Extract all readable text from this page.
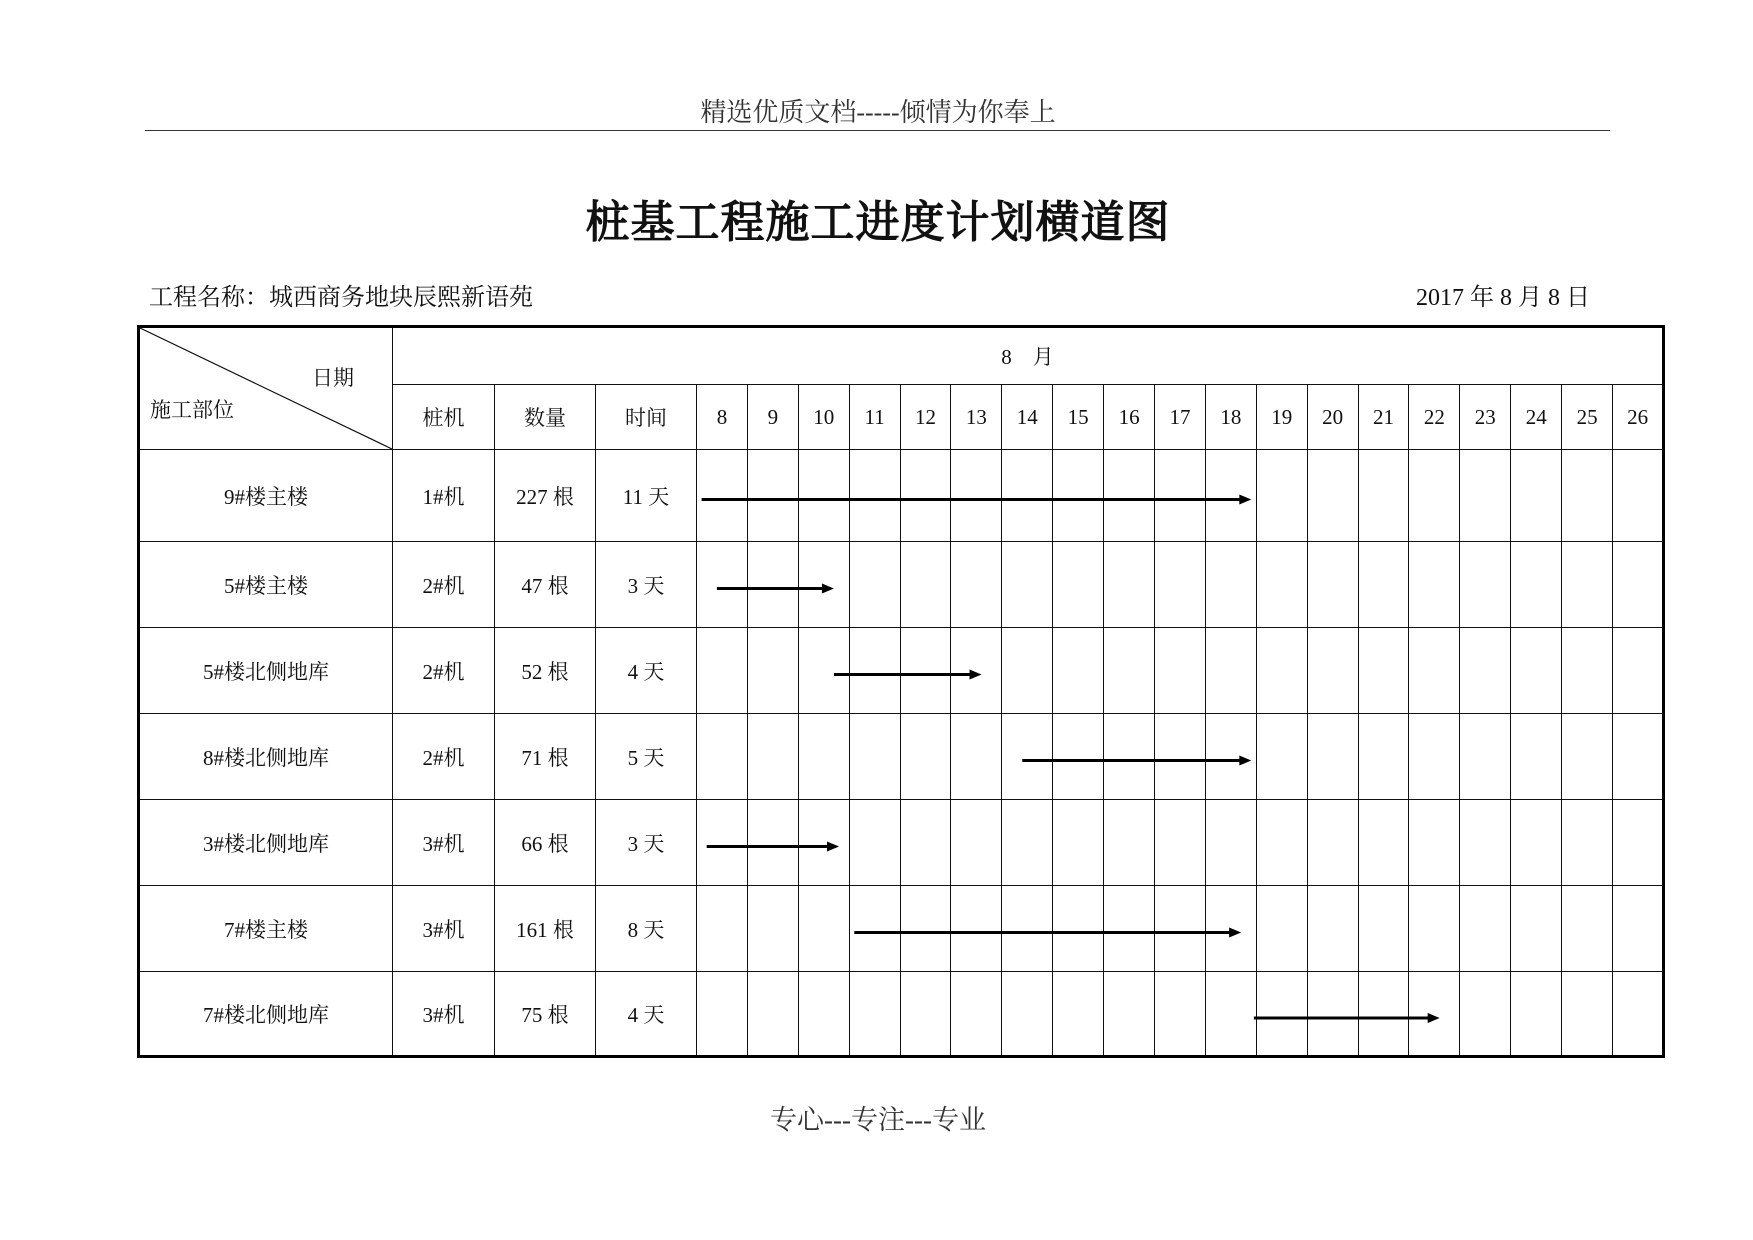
精选优质文档-----倾情为你奉上
桩基工程施工进度计划横道图
工程名称：城西商务地块辰熙新语苑	2017 年 8 月 8 日
日期
施工部位	8　月																					
	桩机	数量	时间	8	9	10	11	12	13	14	15	16	17	18	19	20	21	22	23	24	25	26
9#楼主楼	1#机	227 根	11 天																			
5#楼主楼	2#机	47 根	3 天																			
5#楼北侧地库	2#机	52 根	4 天																			
8#楼北侧地库	2#机	71 根	5 天																			
3#楼北侧地库	3#机	66 根	3 天																			
7#楼主楼	3#机	161 根	8 天																			
7#楼北侧地库	3#机	75 根	4 天																			
专心---专注---专业
